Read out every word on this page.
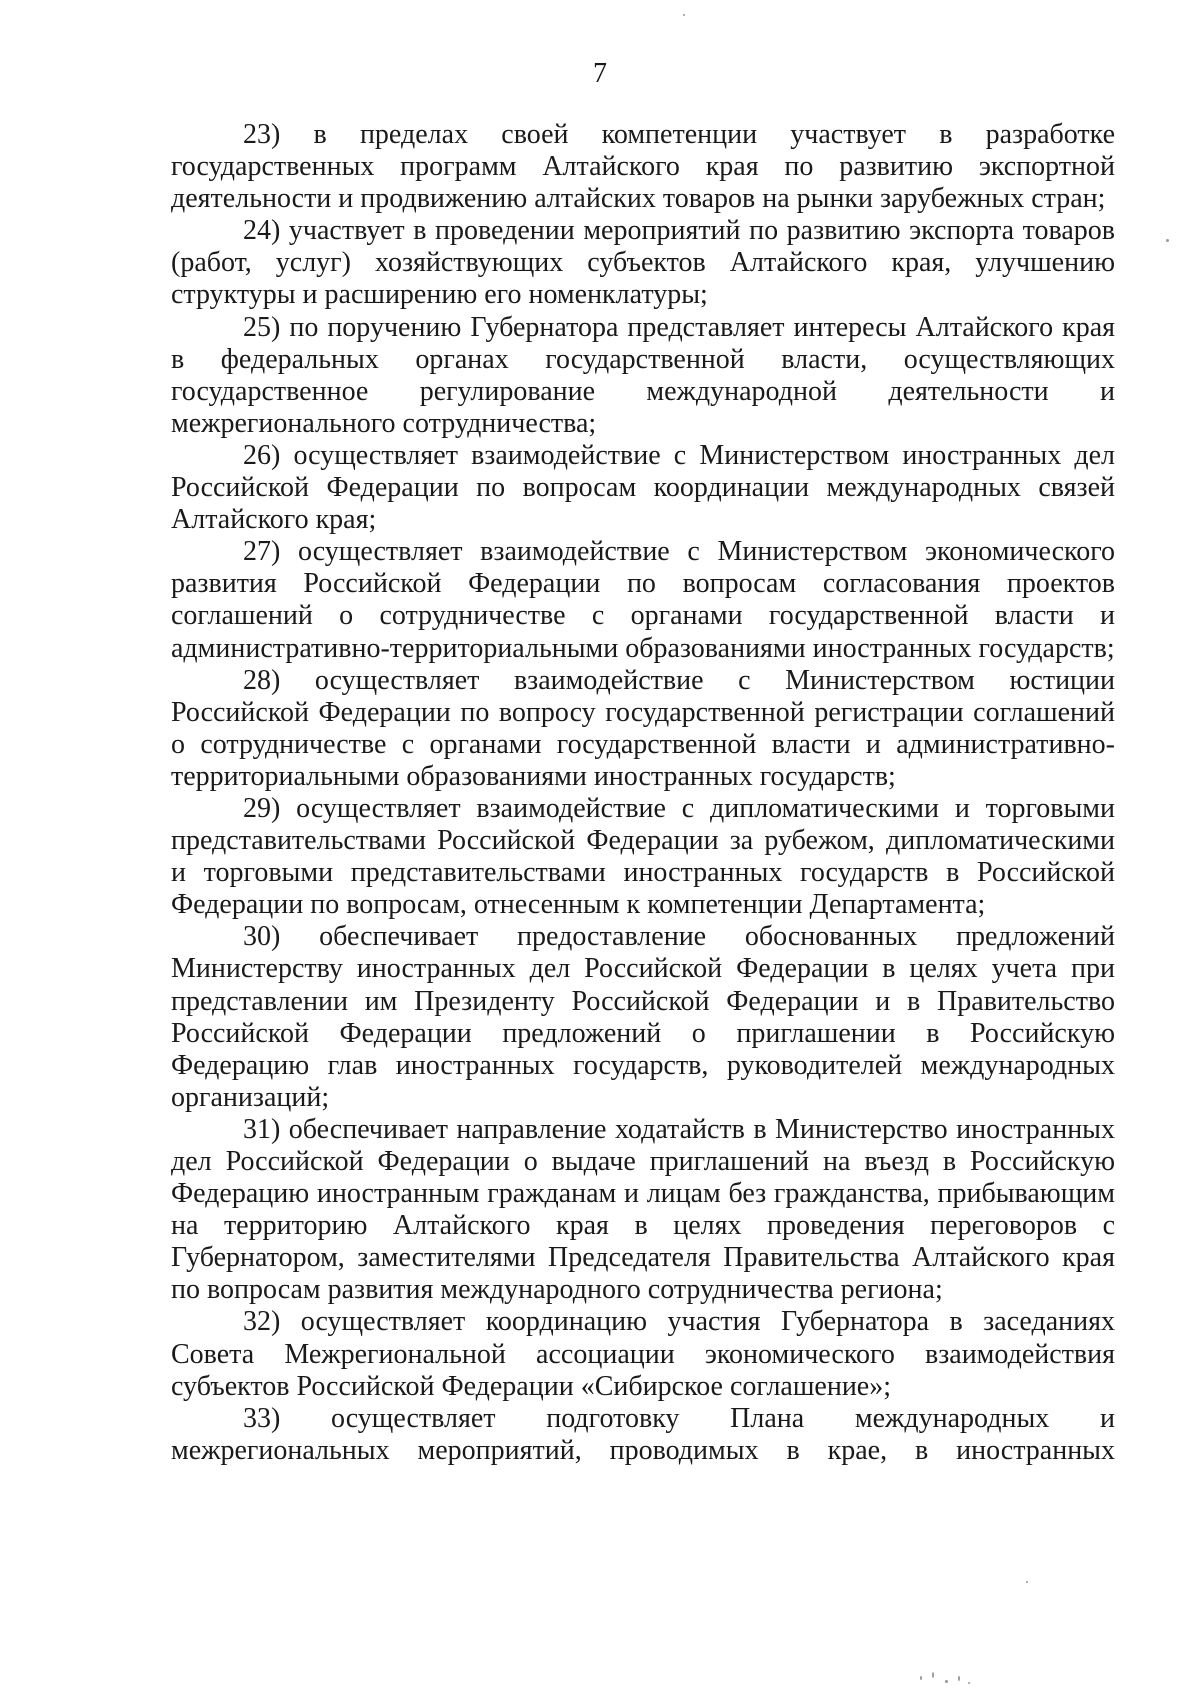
7

23) в пределах своей компетенции участвует в разработке государственных программ Алтайского края по развитию экспортной деятельности и продвижению алтайских товаров на рынки зарубежных стран;

24) участвует в проведении мероприятий по развитию экспорта товаров (работ, услуг) хозяйствующих субъектов Алтайского края, улучшению структуры и расширению его номенклатуры;

25) по поручению Губернатора представляет интересы Алтайского края в федеральных органах государственной власти, осуществляющих государственное регулирование международной деятельности и межрегионального сотрудничества;

26) осуществляет взаимодействие с Министерством иностранных дел Российской Федерации по вопросам координации международных связей Алтайского края;

27) осуществляет взаимодействие с Министерством экономического развития Российской Федерации по вопросам согласования проектов соглашений о сотрудничестве с органами государственной власти и административно-территориальными образованиями иностранных государств;

28) осуществляет взаимодействие с Министерством юстиции Российской Федерации по вопросу государственной регистрации соглашений о сотрудничестве с органами государственной власти и административно-территориальными образованиями иностранных государств;

29) осуществляет взаимодействие с дипломатическими и торговыми представительствами Российской Федерации за рубежом, дипломатическими и торговыми представительствами иностранных государств в Российской Федерации по вопросам, отнесенным к компетенции Департамента;

30) обеспечивает предоставление обоснованных предложений Министерству иностранных дел Российской Федерации в целях учета при представлении им Президенту Российской Федерации и в Правительство Российской Федерации предложений о приглашении в Российскую Федерацию глав иностранных государств, руководителей международных организаций;

31) обеспечивает направление ходатайств в Министерство иностранных дел Российской Федерации о выдаче приглашений на въезд в Российскую Федерацию иностранным гражданам и лицам без гражданства, прибывающим на территорию Алтайского края в целях проведения переговоров с Губернатором, заместителями Председателя Правительства Алтайского края по вопросам развития международного сотрудничества региона;

32) осуществляет координацию участия Губернатора в заседаниях Совета Межрегиональной ассоциации экономического взаимодействия субъектов Российской Федерации «Сибирское соглашение»;

33) осуществляет подготовку Плана международных и межрегиональных мероприятий, проводимых в крае, в иностранных
